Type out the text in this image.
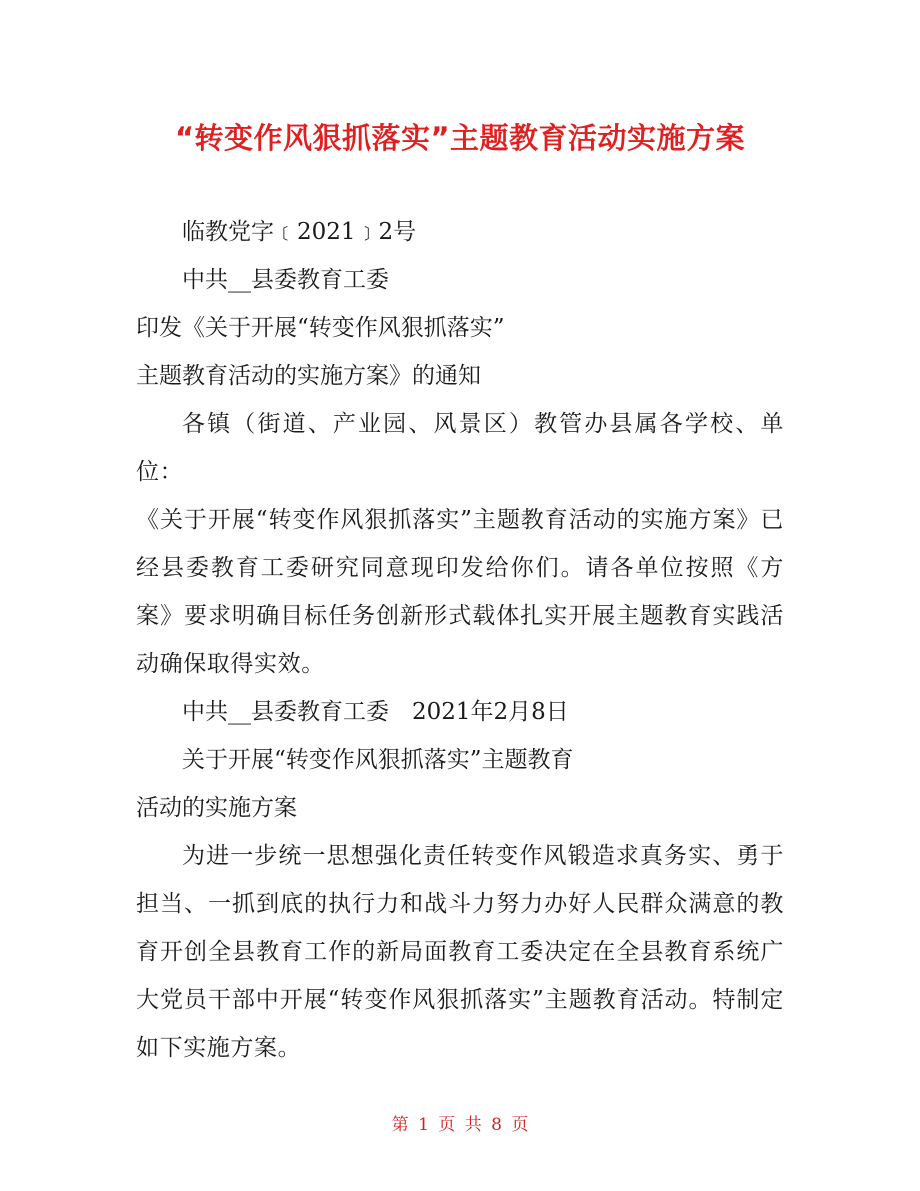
“转变作风狠抓落实”主题教育活动实施方案

临教党字﹝2021﹞2号

中共__县委教育工委

印发《关于开展“转变作风狠抓落实”

主题教育活动的实施方案》的通知

各镇（街道、产业园、风景区）教管办县属各学校、单位：

《关于开展“转变作风狠抓落实”主题教育活动的实施方案》已经县委教育工委研究同意现印发给你们。请各单位按照《方案》要求明确目标任务创新形式载体扎实开展主题教育实践活动确保取得实效。

中共__县委教育工委　2021年2月8日

关于开展“转变作风狠抓落实”主题教育

活动的实施方案

为进一步统一思想强化责任转变作风锻造求真务实、勇于担当、一抓到底的执行力和战斗力努力办好人民群众满意的教育开创全县教育工作的新局面教育工委决定在全县教育系统广大党员干部中开展“转变作风狠抓落实”主题教育活动。特制定如下实施方案。

第 1 页 共 8 页
